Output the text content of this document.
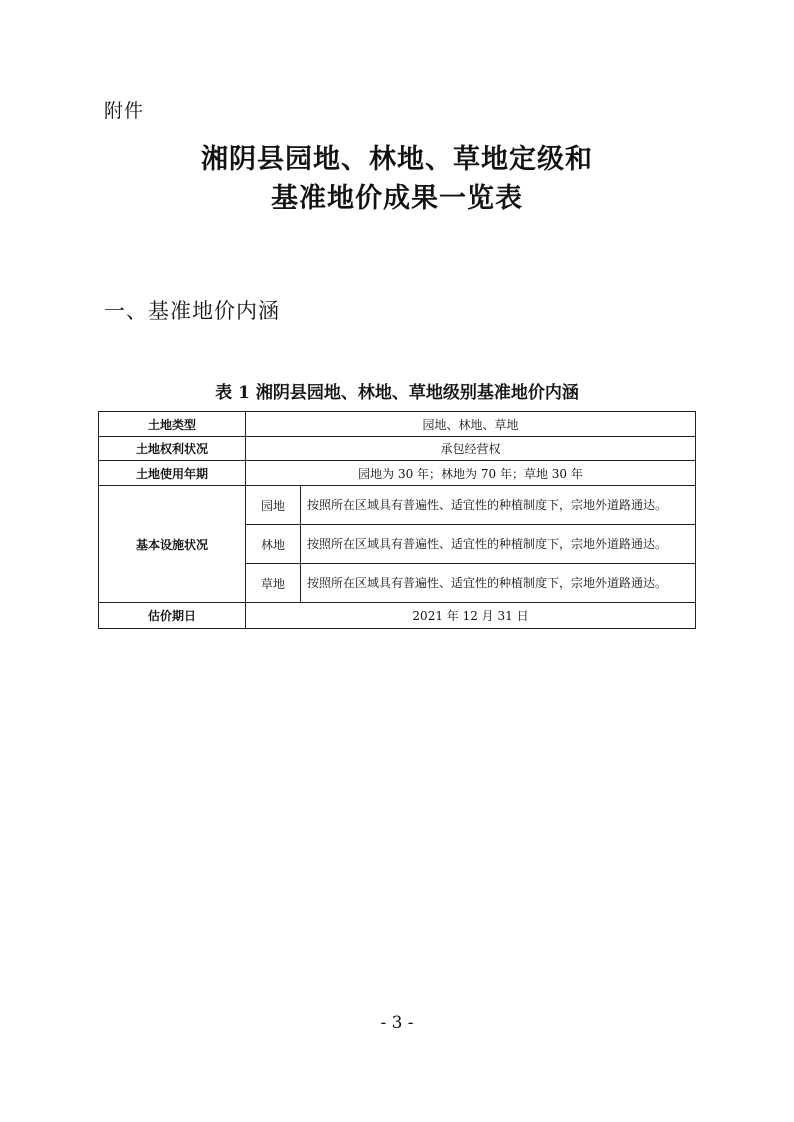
附件
湘阴县园地、林地、草地定级和
基准地价成果一览表
一、基准地价内涵
表 1 湘阴县园地、林地、草地级别基准地价内涵
土地类型	园地、林地、草地	
土地权利状况	承包经营权	
土地使用年期	园地为 30 年；林地为 70 年；草地 30 年	
基本设施状况	园地	按照所在区域具有普遍性、适宜性的种植制度下，宗地外道路通达。
	林地	按照所在区域具有普遍性、适宜性的种植制度下，宗地外道路通达。
	草地	按照所在区域具有普遍性、适宜性的种植制度下，宗地外道路通达。
估价期日	2021 年 12 月 31 日	
- 3 -
